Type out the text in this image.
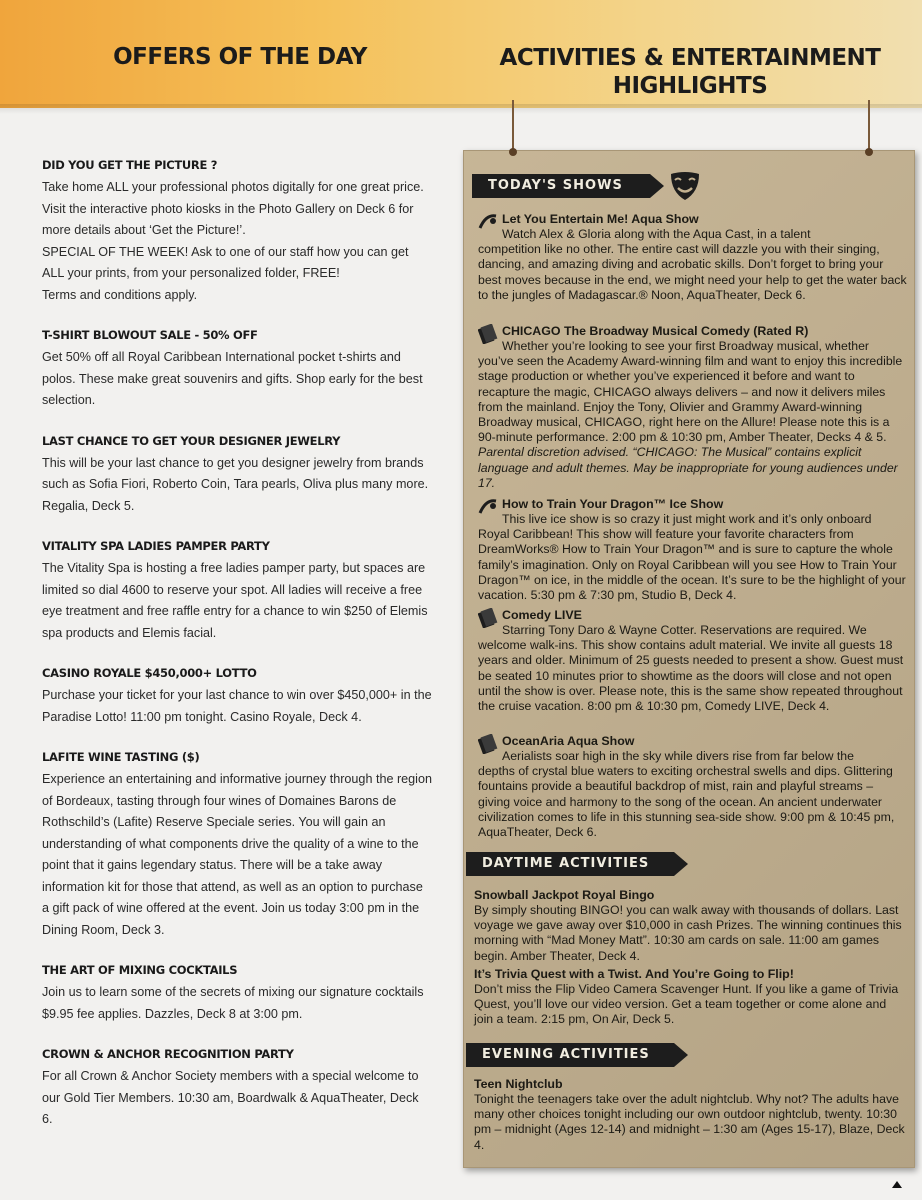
OFFERS OF THE DAY	ACTIVITIES & ENTERTAINMENT
HIGHLIGHTS
DID YOU GET THE PICTURE ?
Take home ALL your professional photos digitally for one great price. Visit the interactive photo kiosks in the Photo Gallery on Deck 6 for more details about ‘Get the Picture!’.
SPECIAL OF THE WEEK! Ask to one of our staff how you can get ALL your prints, from your personalized folder, FREE!
Terms and conditions apply.
T-SHIRT BLOWOUT SALE - 50% OFF
Get 50% off all Royal Caribbean International pocket t-shirts and polos. These make great souvenirs and gifts. Shop early for the best selection.
LAST CHANCE TO GET YOUR DESIGNER JEWELRY
This will be your last chance to get you designer jewelry from brands such as Sofia Fiori, Roberto Coin, Tara pearls, Oliva plus many more. Regalia, Deck 5.
VITALITY SPA LADIES PAMPER PARTY
The Vitality Spa is hosting a free ladies pamper party, but spaces are limited so dial 4600 to reserve your spot. All ladies will receive a free eye treatment and free raffle entry for a chance to win $250 of Elemis spa products and Elemis facial.
CASINO ROYALE $450,000+ LOTTO
Purchase your ticket for your last chance to win over $450,000+ in the Paradise Lotto! 11:00 pm tonight. Casino Royale, Deck 4.
LAFITE WINE TASTING ($)
Experience an entertaining and informative journey through the region of Bordeaux, tasting through four wines of Domaines Barons de Rothschild’s (Lafite) Reserve Speciale series. You will gain an understanding of what components drive the quality of a wine to the point that it gains legendary status. There will be a take away information kit for those that attend, as well as an option to purchase a gift pack of wine offered at the event. Join us today 3:00 pm in the Dining Room, Deck 3.
THE ART OF MIXING COCKTAILS
Join us to learn some of the secrets of mixing our signature cocktails $9.95 fee applies. Dazzles, Deck 8 at 3:00 pm.
CROWN & ANCHOR RECOGNITION PARTY
For all Crown & Anchor Society members with a special welcome to our Gold Tier Members. 10:30 am, Boardwalk & AquaTheater, Deck 6.
TODAY'S SHOWS
Let You Entertain Me! Aqua Show
Watch Alex & Gloria along with the Aqua Cast, in a talent
competition like no other. The entire cast will dazzle you with their singing, dancing, and amazing diving and acrobatic skills. Don’t forget to bring your best moves because in the end, we might need your help to get the water back to the jungles of Madagascar.® Noon, AquaTheater, Deck 6.
CHICAGO The Broadway Musical Comedy (Rated R)
Whether you’re looking to see your first Broadway musical, whether
you’ve seen the Academy Award-winning film and want to enjoy this incredible stage production or whether you’ve experienced it before and want to recapture the magic, CHICAGO always delivers – and now it delivers miles from the mainland. Enjoy the Tony, Olivier and Grammy Award-winning Broadway musical, CHICAGO, right here on the Allure! Please note this is a 90-minute performance. 2:00 pm & 10:30 pm, Amber Theater, Decks 4 & 5. Parental discretion advised. “CHICAGO: The Musical” contains explicit language and adult themes. May be inappropriate for young audiences under 17.
How to Train Your Dragon™ Ice Show
This live ice show is so crazy it just might work and it’s only onboard
Royal Caribbean! This show will feature your favorite characters from DreamWorks® How to Train Your Dragon™ and is sure to capture the whole family’s imagination. Only on Royal Caribbean will you see How to Train Your Dragon™ on ice, in the middle of the ocean. It’s sure to be the highlight of your vacation. 5:30 pm & 7:30 pm, Studio B, Deck 4.
Comedy LIVE
Starring Tony Daro & Wayne Cotter. Reservations are required. We
welcome walk-ins. This show contains adult material. We invite all guests 18 years and older. Minimum of 25 guests needed to present a show. Guest must be seated 10 minutes prior to showtime as the doors will close and not open until the show is over. Please note, this is the same show repeated throughout the cruise vacation. 8:00 pm & 10:30 pm, Comedy LIVE, Deck 4.
OceanAria Aqua Show
Aerialists soar high in the sky while divers rise from far below the
depths of crystal blue waters to exciting orchestral swells and dips. Glittering fountains provide a beautiful backdrop of mist, rain and playful streams – giving voice and harmony to the song of the ocean. An ancient underwater civilization comes to life in this stunning sea-side show. 9:00 pm & 10:45 pm, AquaTheater, Deck 6.
DAYTIME ACTIVITIES
Snowball Jackpot Royal Bingo
By simply shouting BINGO! you can walk away with thousands of dollars. Last voyage we gave away over $10,000 in cash Prizes. The winning continues this morning with “Mad Money Matt”. 10:30 am cards on sale. 11:00 am games begin. Amber Theater, Deck 4.
It’s Trivia Quest with a Twist. And You’re Going to Flip!
Don’t miss the Flip Video Camera Scavenger Hunt. If you like a game of Trivia Quest, you’ll love our video version. Get a team together or come alone and join a team. 2:15 pm, On Air, Deck 5.
EVENING ACTIVITIES
Teen Nightclub
Tonight the teenagers take over the adult nightclub. Why not? The adults have many other choices tonight including our own outdoor nightclub, twenty. 10:30 pm – midnight (Ages 12-14) and midnight – 1:30 am (Ages 15-17), Blaze, Deck 4.
